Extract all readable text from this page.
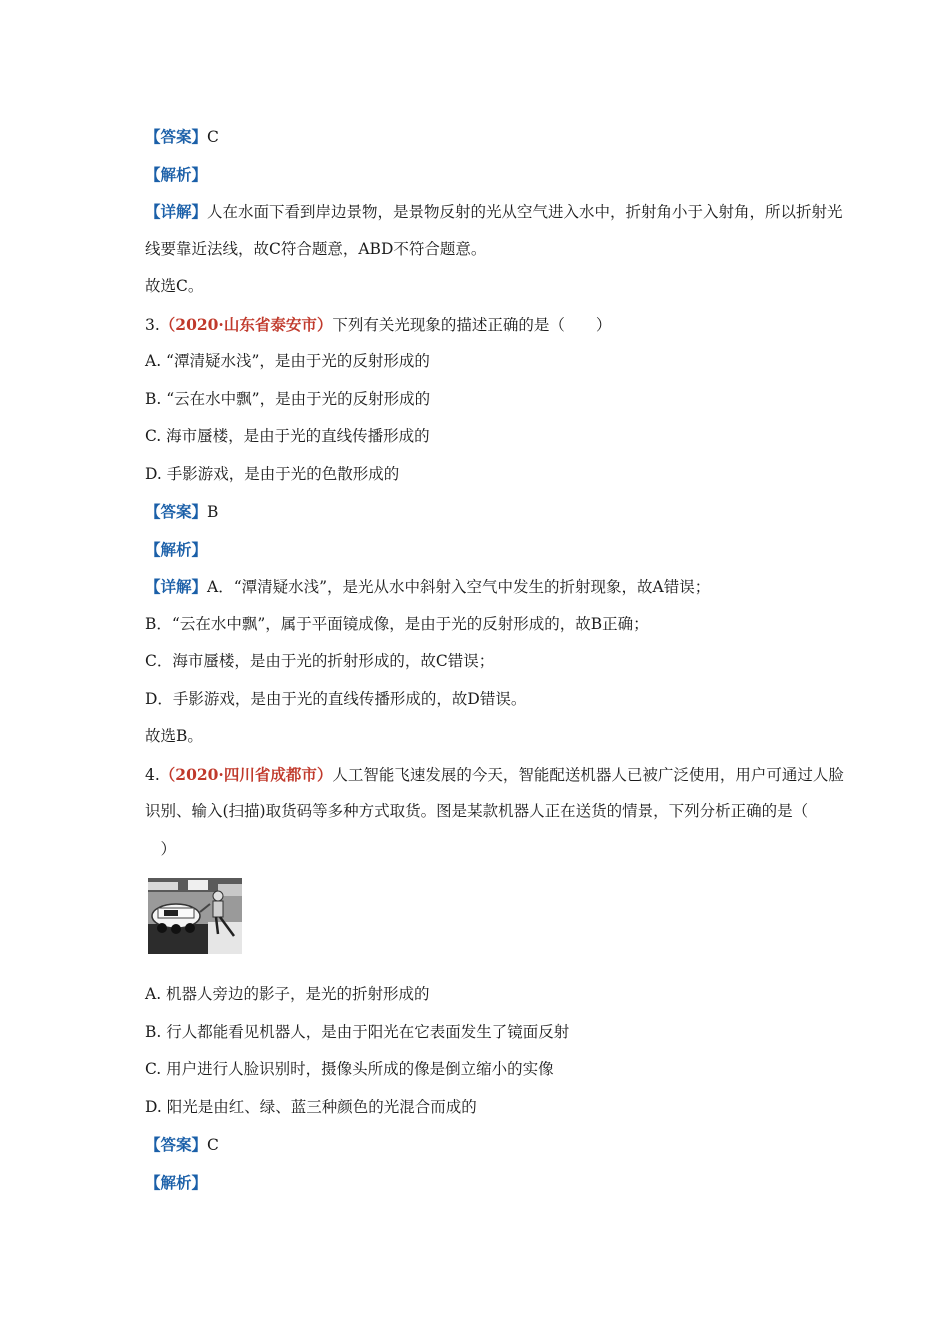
【答案】C
【解析】
【详解】人在水面下看到岸边景物，是景物反射的光从空气进入水中，折射角小于入射角，所以折射光
线要靠近法线，故C符合题意，ABD不符合题意。
故选C。
3.（2020·山东省泰安市）下列有关光现象的描述正确的是（　　）
A. “潭清疑水浅”，是由于光的反射形成的
B. “云在水中飘”，是由于光的反射形成的
C. 海市蜃楼，是由于光的直线传播形成的
D. 手影游戏，是由于光的色散形成的
【答案】B
【解析】
【详解】A．“潭清疑水浅”，是光从水中斜射入空气中发生的折射现象，故A错误；
B．“云在水中飘”，属于平面镜成像，是由于光的反射形成的，故B正确；
C．海市蜃楼，是由于光的折射形成的，故C错误；
D．手影游戏，是由于光的直线传播形成的，故D错误。
故选B。
4.（2020·四川省成都市）人工智能飞速发展的今天，智能配送机器人已被广泛使用，用户可通过人脸
识别、输入(扫描)取货码等多种方式取货。图是某款机器人正在送货的情景，下列分析正确的是（
　）
A. 机器人旁边的影子，是光的折射形成的
B. 行人都能看见机器人，是由于阳光在它表面发生了镜面反射
C. 用户进行人脸识别时，摄像头所成的像是倒立缩小的实像
D. 阳光是由红、绿、蓝三种颜色的光混合而成的
【答案】C
【解析】
